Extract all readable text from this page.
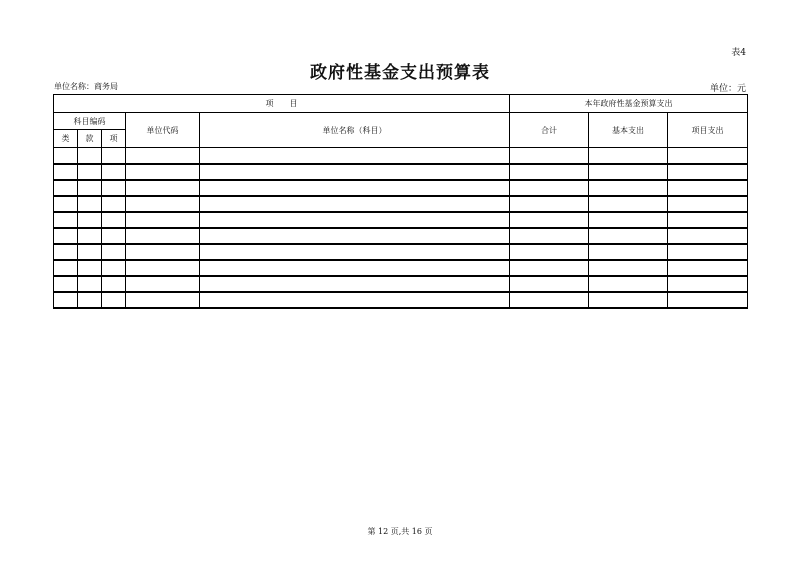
表4
政府性基金支出预算表
单位名称：商务局	单位：元
项　　目					本年政府性基金预算支出		
科目编码			单位代码	单位名称（科目）	合计	基本支出	项目支出
类	款	项					

第 12 页,共 16 页
